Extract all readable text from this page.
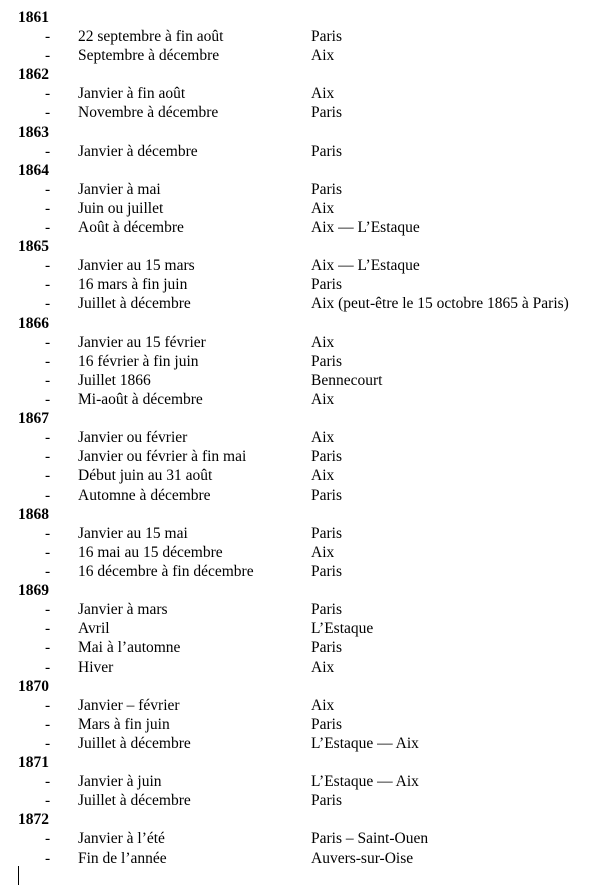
1861
- 22 septembre à fin août	Paris
- Septembre à décembre	Aix
1862
- Janvier à fin août	Aix
- Novembre à décembre	Paris
1863
- Janvier à décembre	Paris
1864
- Janvier à mai	Paris
- Juin ou juillet	Aix
- Août à décembre	Aix — L’Estaque
1865
- Janvier au 15 mars	Aix — L’Estaque
- 16 mars à fin juin	Paris
- Juillet à décembre	Aix (peut-être le 15 octobre 1865 à Paris)
1866
- Janvier au 15 février	Aix
- 16 février à fin juin	Paris
- Juillet 1866	Bennecourt
- Mi-août à décembre	Aix
1867
- Janvier ou février	Aix
- Janvier ou février à fin mai	Paris
- Début juin au 31 août	Aix
- Automne à décembre	Paris
1868
- Janvier au 15 mai	Paris
- 16 mai au 15 décembre	Aix
- 16 décembre à fin décembre	Paris
1869
- Janvier à mars	Paris
- Avril	L’Estaque
- Mai à l’automne	Paris
- Hiver	Aix
1870
- Janvier – février	Aix
- Mars à fin juin	Paris
- Juillet à décembre	L’Estaque — Aix
1871
- Janvier à juin	L’Estaque — Aix
- Juillet à décembre	Paris
1872
- Janvier à l’été	Paris – Saint-Ouen
- Fin de l’année	Auvers-sur-Oise
